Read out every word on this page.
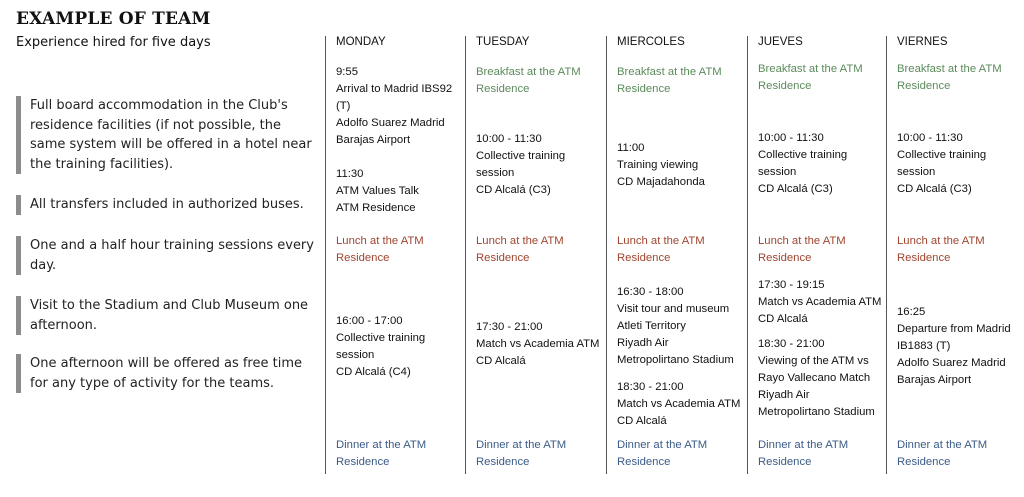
EXAMPLE OF TEAM
Experience hired for five days
Full board accommodation in the Club's
residence facilities (if not possible, the
same system will be offered in a hotel near
the training facilities).
All transfers included in authorized buses.
One and a half hour training sessions every
day.
Visit to the Stadium and Club Museum one
afternoon.
One afternoon will be offered as free time
for any type of activity for the teams.
MONDAY
9:55
Arrival to Madrid IBS92
(T)
Adolfo Suarez Madrid
Barajas Airport
11:30
ATM Values Talk
ATM Residence
Lunch at the ATM
Residence
16:00 - 17:00
Collective training
session
CD Alcalá (C4)
Dinner at the ATM
Residence
TUESDAY
Breakfast at the ATM
Residence
10:00 - 11:30
Collective training
session
CD Alcalá (C3)
Lunch at the ATM
Residence
17:30 - 21:00
Match vs Academia ATM
CD Alcalá
Dinner at the ATM
Residence
MIERCOLES
Breakfast at the ATM
Residence
11:00
Training viewing
CD Majadahonda
Lunch at the ATM
Residence
16:30 - 18:00
Visit tour and museum
Atleti Territory
Riyadh Air
Metropolirtano Stadium
18:30 - 21:00
Match vs Academia ATM
CD Alcalá
Dinner at the ATM
Residence
JUEVES
Breakfast at the ATM
Residence
10:00 - 11:30
Collective training
session
CD Alcalá (C3)
Lunch at the ATM
Residence
17:30 - 19:15
Match vs Academia ATM
CD Alcalá
18:30 - 21:00
Viewing of the ATM vs
Rayo Vallecano Match
Riyadh Air
Metropolirtano Stadium
Dinner at the ATM
Residence
VIERNES
Breakfast at the ATM
Residence
10:00 - 11:30
Collective training
session
CD Alcalá (C3)
Lunch at the ATM
Residence
16:25
Departure from Madrid
IB1883 (T)
Adolfo Suarez Madrid
Barajas Airport
Dinner at the ATM
Residence
